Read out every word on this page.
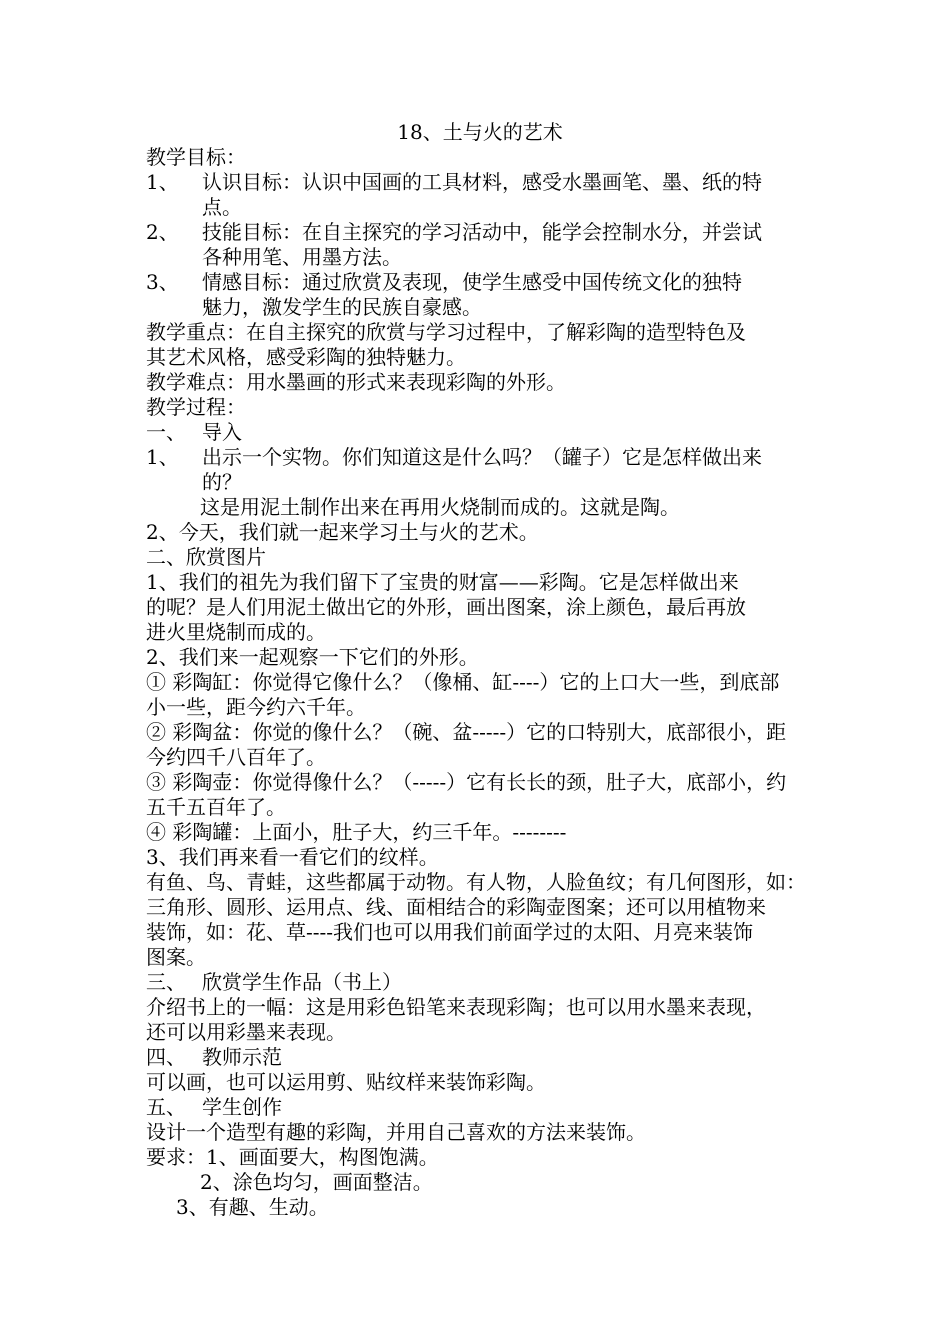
18、土与火的艺术
教学目标：
1、	认识目标：认识中国画的工具材料，感受水墨画笔、墨、纸的特
点。
2、	技能目标：在自主探究的学习活动中，能学会控制水分，并尝试
各种用笔、用墨方法。
3、	情感目标：通过欣赏及表现，使学生感受中国传统文化的独特
魅力，激发学生的民族自豪感。
教学重点：在自主探究的欣赏与学习过程中，了解彩陶的造型特色及
其艺术风格，感受彩陶的独特魅力。
教学难点：用水墨画的形式来表现彩陶的外形。
教学过程：
一、 导入
1、	出示一个实物。你们知道这是什么吗？（罐子）它是怎样做出来
的？
这是用泥土制作出来在再用火烧制而成的。这就是陶。
2、今天，我们就一起来学习土与火的艺术。
二、欣赏图片
1、我们的祖先为我们留下了宝贵的财富——彩陶。它是怎样做出来
的呢？是人们用泥土做出它的外形，画出图案，涂上颜色，最后再放
进火里烧制而成的。
2、我们来一起观察一下它们的外形。
① 彩陶缸：你觉得它像什么？（像桶、缸----）它的上口大一些，到底部
小一些，距今约六千年。
② 彩陶盆：你觉的像什么？（碗、盆-----）它的口特别大，底部很小，距
今约四千八百年了。
③ 彩陶壶：你觉得像什么？（-----）它有长长的颈，肚子大，底部小，约
五千五百年了。
④ 彩陶罐：上面小，肚子大，约三千年。--------
3、我们再来看一看它们的纹样。
有鱼、鸟、青蛙，这些都属于动物。有人物，人脸鱼纹；有几何图形，如：
三角形、圆形、运用点、线、面相结合的彩陶壶图案；还可以用植物来
装饰，如：花、草----我们也可以用我们前面学过的太阳、月亮来装饰
图案。
三、 欣赏学生作品（书上）
介绍书上的一幅：这是用彩色铅笔来表现彩陶；也可以用水墨来表现，
还可以用彩墨来表现。
四、 教师示范
可以画，也可以运用剪、贴纹样来装饰彩陶。
五、 学生创作
设计一个造型有趣的彩陶，并用自己喜欢的方法来装饰。
要求：1、画面要大，构图饱满。
2、涂色均匀，画面整洁。
3、有趣、生动。
